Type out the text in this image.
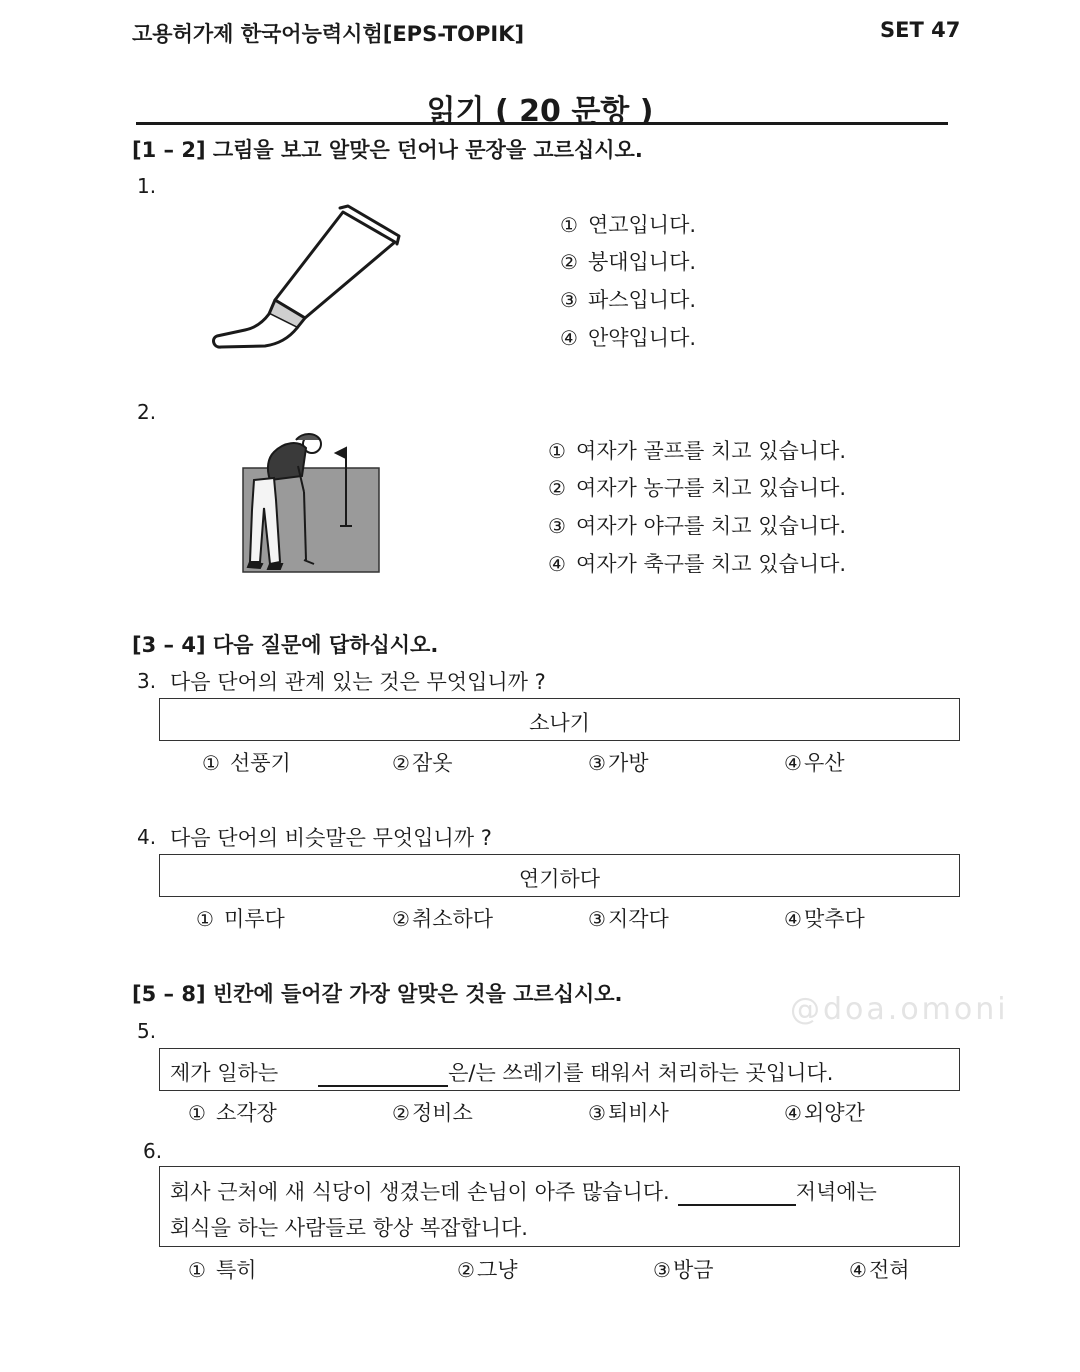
고용허가제 한국어능력시험[EPS-TOPIK]	SET 47
읽기 ( 20 문항 )
[1 – 2] 그림을 보고 알맞은 던어나 문장을 고르십시오.
1.
① 연고입니다.
② 붕대입니다.
③ 파스입니다.
④ 안약입니다.
2.
① 여자가 골프를 치고 있습니다.
② 여자가 농구를 치고 있습니다.
③ 여자가 야구를 치고 있습니다.
④ 여자가 축구를 치고 있습니다.
[3 – 4] 다음 질문에 답하십시오.
3. 다음 단어의 관계 있는 것은 무엇입니까 ?
소나기
① 선풍기	②잠옷	③가방	④우산
4. 다음 단어의 비슷말은 무엇입니까 ?
연기하다
① 미루다	②취소하다	③지각다	④맞추다
[5 – 8] 빈칸에 들어갈 가장 알맞은 것을 고르십시오.	@doa.omoni
5.
제가 일하는	은/는 쓰레기를 태워서 처리하는 곳입니다.
① 소각장	②정비소	③퇴비사	④외양간
6.
회사 근처에 새 식당이 생겼는데 손님이 아주 많습니다.	저녁에는
회식을 하는 사람들로 항상 복잡합니다.
① 특히	②그냥	③방금	④전혀
